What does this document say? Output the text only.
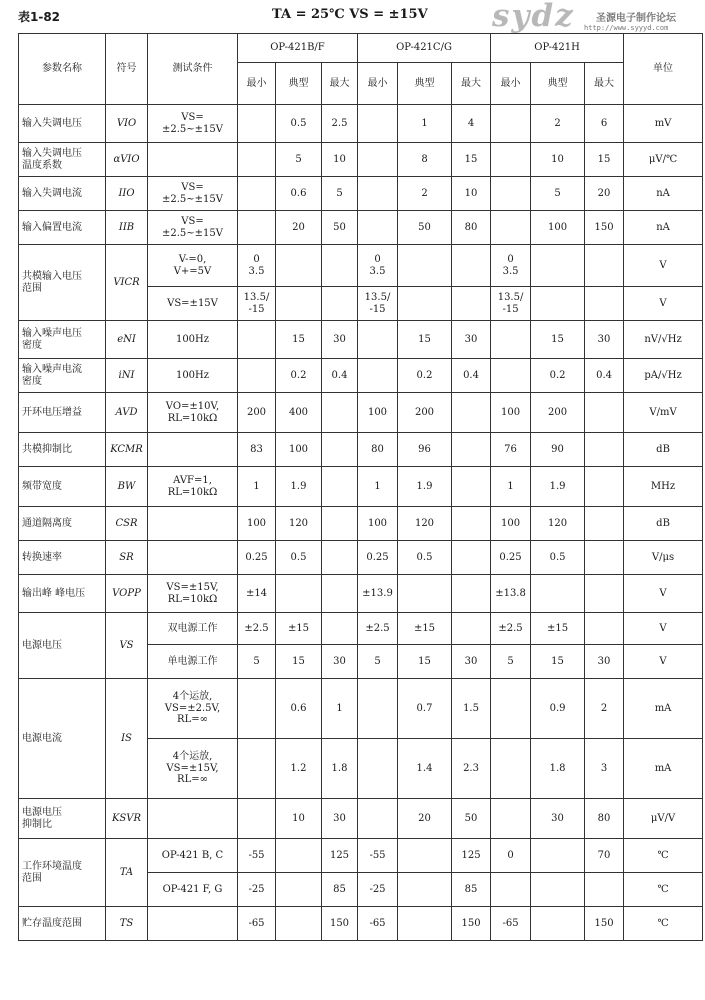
表1-82	TA = 25℃ VS = ±15V sydz 圣源电子制作论坛
http://www.syyyd.com
参数名称	符号	测试条件	OP-421B/F			OP-421C/G			OP-421H			单位
			最小	典型	最大	最小	典型	最大	最小	典型	最大	
输入失调电压	VIO	VS=
±2.5~±15V		0.5	2.5		1	4		2	6	mV
输入失调电压
温度系数	αVIO			5	10		8	15		10	15	μV/℃
输入失调电流	IIO	VS=
±2.5~±15V		0.6	5		2	10		5	20	nA
输入偏置电流	IIB	VS=
±2.5~±15V		20	50		50	80		100	150	nA
共模输入电压
范围	VICR	V-=0,
V+=5V	0
3.5			0
3.5			0
3.5			V
		VS=±15V	13.5/
-15			13.5/
-15			13.5/
-15			V
输入噪声电压
密度	eNI	100Hz		15	30		15	30		15	30	nV/√Hz
输入噪声电流
密度	iNI	100Hz		0.2	0.4		0.2	0.4		0.2	0.4	pA/√Hz
开环电压增益	AVD	VO=±10V,
RL=10kΩ	200	400		100	200		100	200		V/mV
共模抑制比	KCMR		83	100		80	96		76	90		dB
频带宽度	BW	AVF=1,
RL=10kΩ	1	1.9		1	1.9		1	1.9		MHz
通道隔离度	CSR		100	120		100	120		100	120		dB
转换速率	SR		0.25	0.5		0.25	0.5		0.25	0.5		V/μs
输出峰 峰电压	VOPP	VS=±15V,
RL=10kΩ	±14			±13.9			±13.8			V
电源电压	VS	双电源工作	±2.5	±15		±2.5	±15		±2.5	±15		V
		单电源工作	5	15	30	5	15	30	5	15	30	V
电源电流	IS	4个运放,
VS=±2.5V,
RL=∞		0.6	1		0.7	1.5		0.9	2	mA
		4个运放,
VS=±15V,
RL=∞		1.2	1.8		1.4	2.3		1.8	3	mA
电源电压
抑制比	KSVR			10	30		20	50		30	80	μV/V
工作环境温度
范围	TA	OP-421 B, C	-55		125	-55		125	0		70	℃
		OP-421 F, G	-25		85	-25		85				℃
贮存温度范围	TS		-65		150	-65		150	-65		150	℃
